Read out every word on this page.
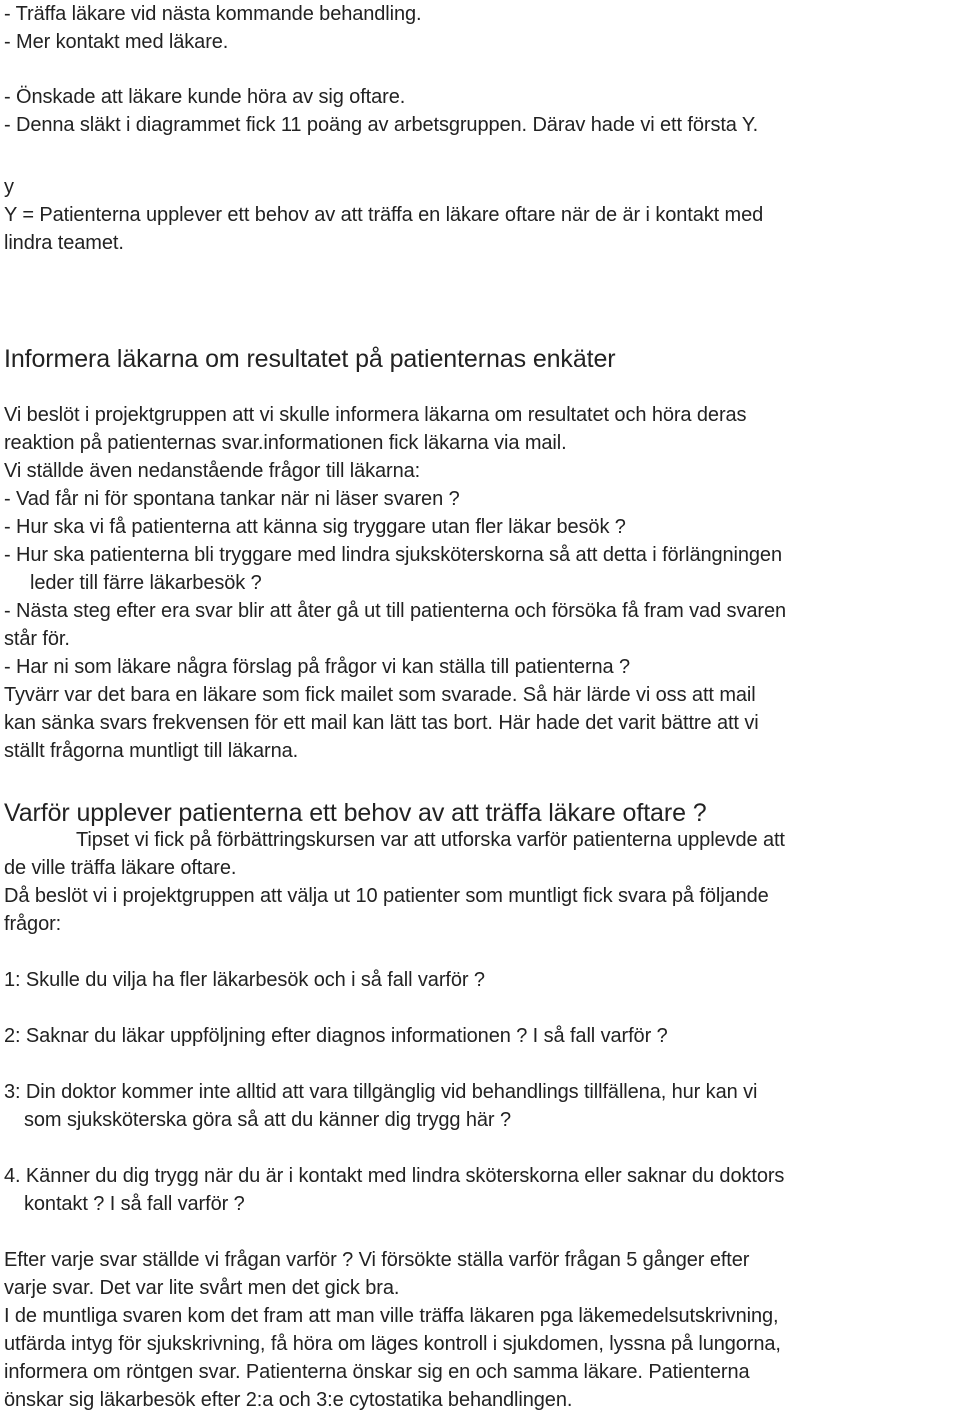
- Träffa läkare vid nästa kommande behandling.
- Mer kontakt med läkare.
- Önskade att läkare kunde höra av sig oftare.
- Denna släkt i diagrammet fick 11 poäng av arbetsgruppen. Därav hade vi ett första Y.
y
Y = Patienterna upplever ett behov av att träffa en läkare oftare när de är i kontakt med
lindra teamet.
Informera läkarna om resultatet på patienternas enkäter
Vi beslöt i projektgruppen att vi skulle informera läkarna om resultatet och höra deras
reaktion på patienternas svar.informationen fick läkarna via mail.
Vi ställde även nedanstående frågor till läkarna:
- Vad får ni för spontana tankar när ni läser svaren ?
- Hur ska vi få patienterna att känna sig tryggare utan fler läkar besök ?
- Hur ska patienterna bli tryggare med lindra sjuksköterskorna så att detta i förlängningen
leder till färre läkarbesök ?
- Nästa steg efter era svar blir att åter gå ut till patienterna och försöka få fram vad svaren
står för.
- Har ni som läkare några förslag på frågor vi kan ställa till patienterna ?
Tyvärr var det bara en läkare som fick mailet som svarade. Så här lärde vi oss att mail
kan sänka svars frekvensen för ett mail kan lätt tas bort. Här hade det varit bättre att vi
ställt frågorna muntligt till läkarna.
Varför upplever patienterna ett behov av att träffa läkare oftare ?
Tipset vi fick på förbättringskursen var att utforska varför patienterna upplevde att
de ville träffa läkare oftare.
Då beslöt vi i projektgruppen att välja ut 10 patienter som muntligt fick svara på följande
frågor:
1: Skulle du vilja ha fler läkarbesök och i så fall varför ?
2: Saknar du läkar uppföljning efter diagnos informationen ? I så fall varför ?
3: Din doktor kommer inte alltid att vara tillgänglig vid behandlings tillfällena, hur kan vi
som sjuksköterska göra så att du känner dig trygg här ?
4. Känner du dig trygg när du är i kontakt med lindra sköterskorna eller saknar du doktors
kontakt ? I så fall varför ?
Efter varje svar ställde vi frågan varför ? Vi försökte ställa varför frågan 5 gånger efter
varje svar. Det var lite svårt men det gick bra.
I de muntliga svaren kom det fram att man ville träffa läkaren pga läkemedelsutskrivning,
utfärda intyg för sjukskrivning, få höra om läges kontroll i sjukdomen, lyssna på lungorna,
informera om röntgen svar. Patienterna önskar sig en och samma läkare. Patienterna
önskar sig läkarbesök efter 2:a och 3:e cytostatika behandlingen.
